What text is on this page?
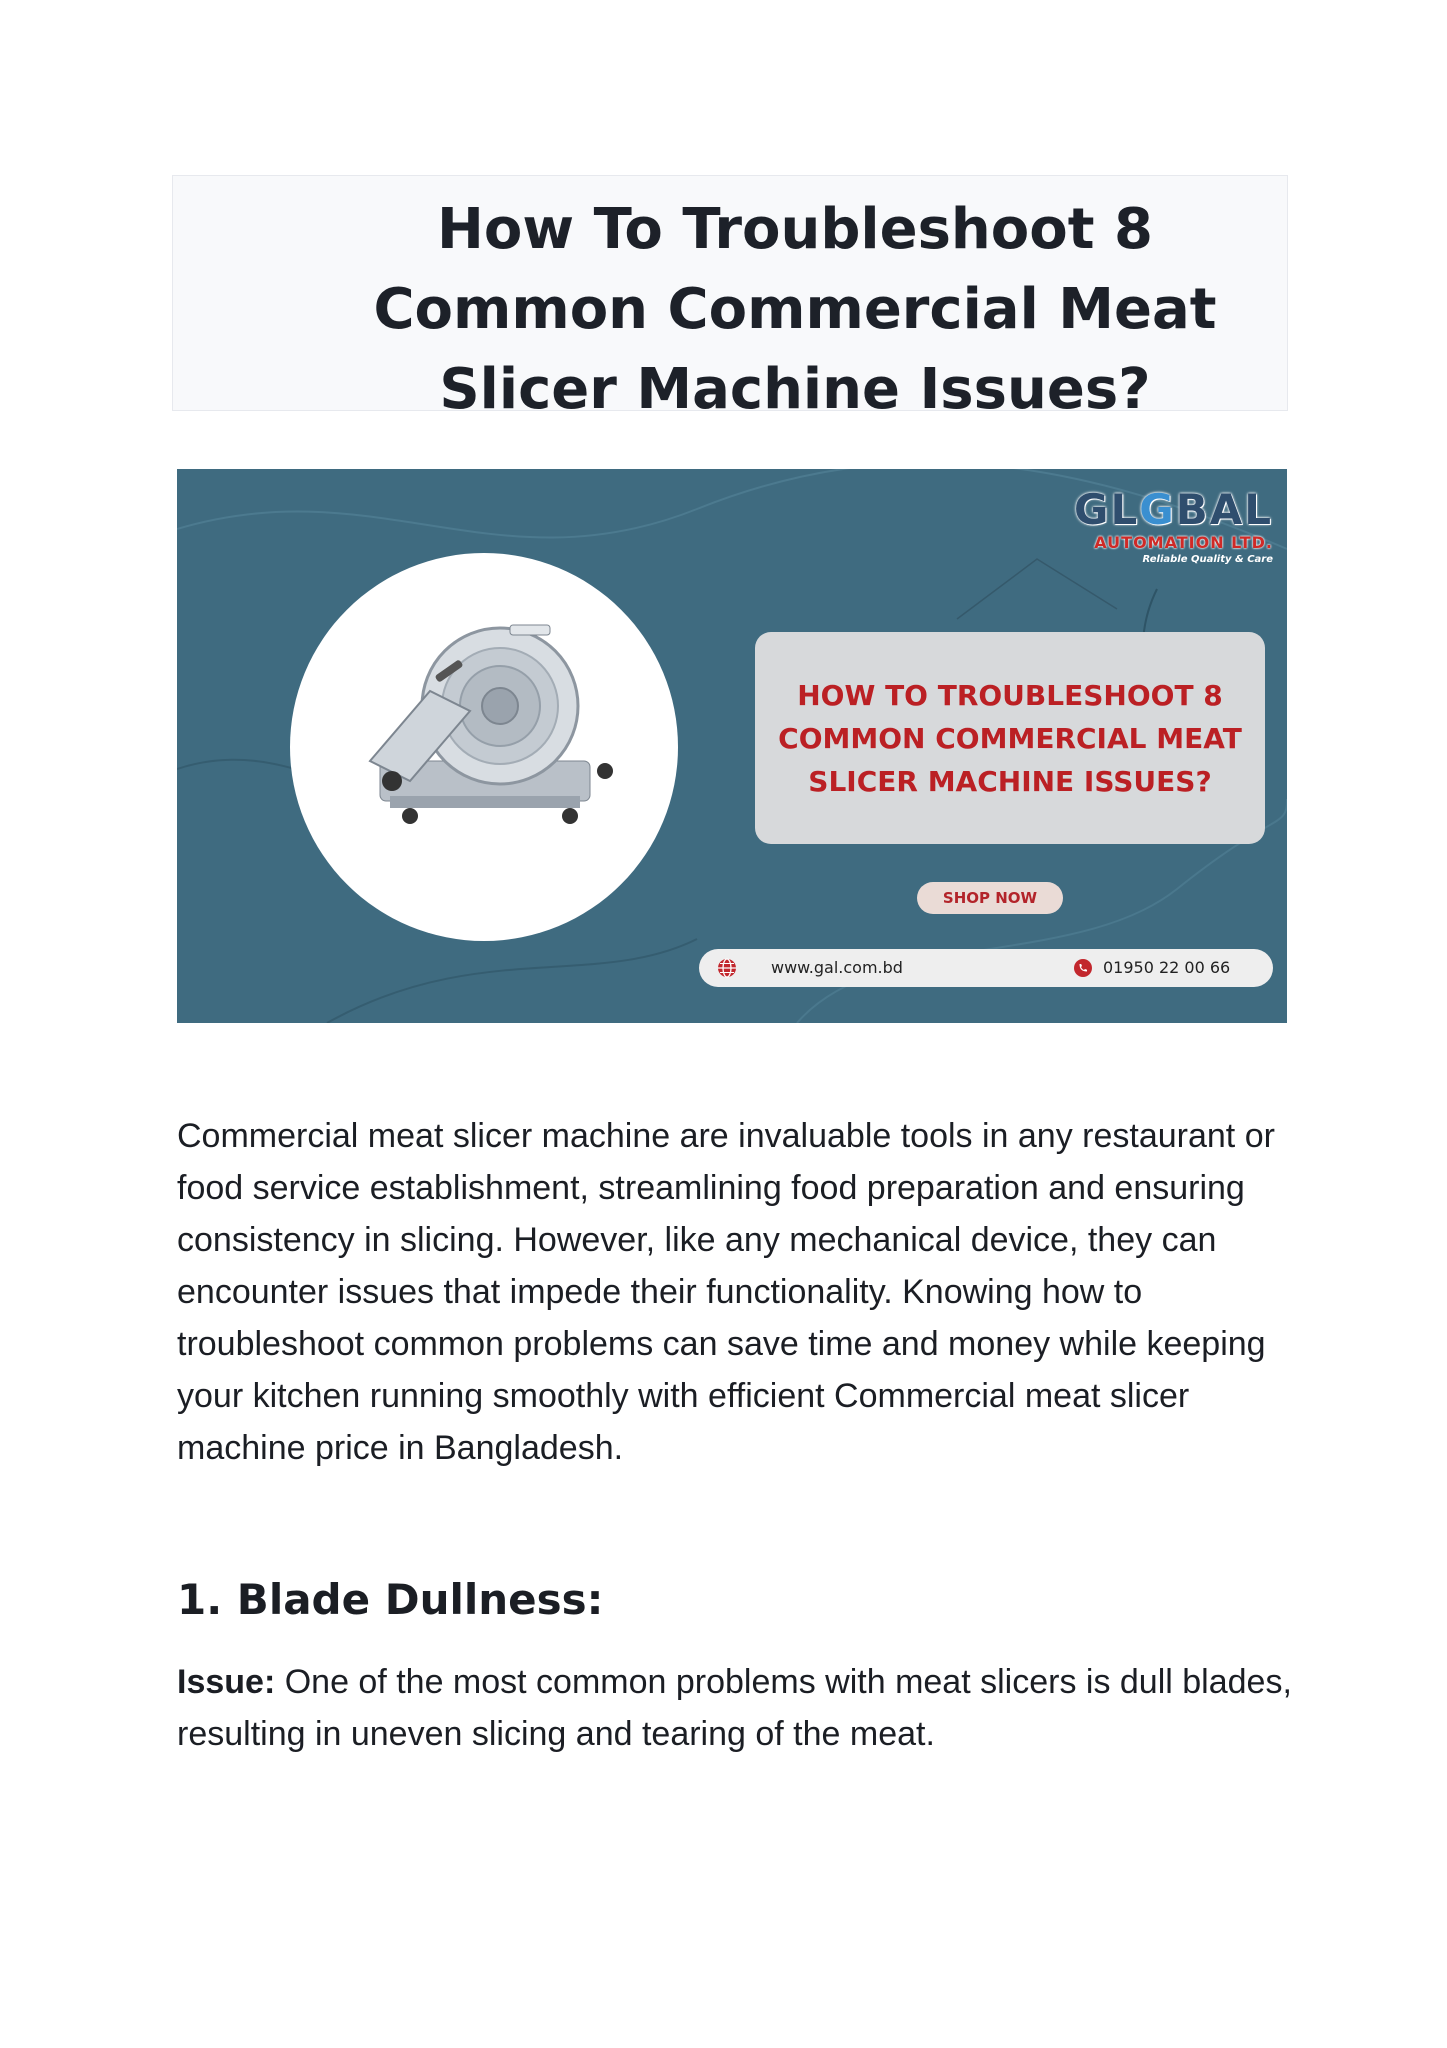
How To Troubleshoot 8 Common Commercial Meat Slicer Machine Issues?
GLGBAL
AUTOMATION LTD.
Reliable Quality & Care
HOW TO TROUBLESHOOT 8 COMMON COMMERCIAL MEAT SLICER MACHINE ISSUES?
SHOP NOW
www.gal.com.bd	01950 22 00 66

Commercial meat slicer machine are invaluable tools in any restaurant or food service establishment, streamlining food preparation and ensuring consistency in slicing. However, like any mechanical device, they can encounter issues that impede their functionality. Knowing how to troubleshoot common problems can save time and money while keeping your kitchen running smoothly with efficient Commercial meat slicer machine price in Bangladesh.

1. Blade Dullness:

Issue: One of the most common problems with meat slicers is dull blades, resulting in uneven slicing and tearing of the meat.
